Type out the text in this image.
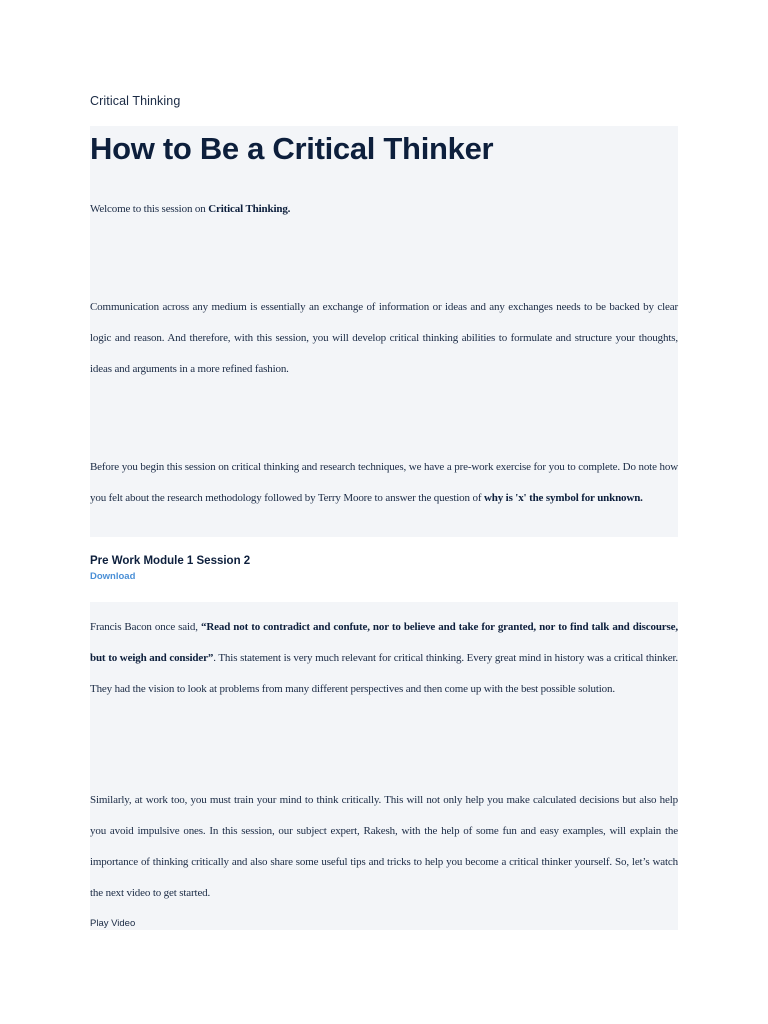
Critical Thinking
How to Be a Critical Thinker

Welcome to this session on Critical Thinking.

Communication across any medium is essentially an exchange of information or ideas and any exchanges needs to be backed by clear logic and reason. And therefore, with this session, you will develop critical thinking abilities to formulate and structure your thoughts, ideas and arguments in a more refined fashion.

Before you begin this session on critical thinking and research techniques, we have a pre-work exercise for you to complete. Do note how you felt about the research methodology followed by Terry Moore to answer the question of why is 'x' the symbol for unknown.

Pre Work Module 1 Session 2
Download

Francis Bacon once said, “Read not to contradict and confute, nor to believe and take for granted, nor to find talk and discourse, but to weigh and consider”. This statement is very much relevant for critical thinking. Every great mind in history was a critical thinker. They had the vision to look at problems from many different perspectives and then come up with the best possible solution.

Similarly, at work too, you must train your mind to think critically. This will not only help you make calculated decisions but also help you avoid impulsive ones. In this session, our subject expert, Rakesh, with the help of some fun and easy examples, will explain the importance of thinking critically and also share some useful tips and tricks to help you become a critical thinker yourself. So, let’s watch the next video to get started.

Play Video
